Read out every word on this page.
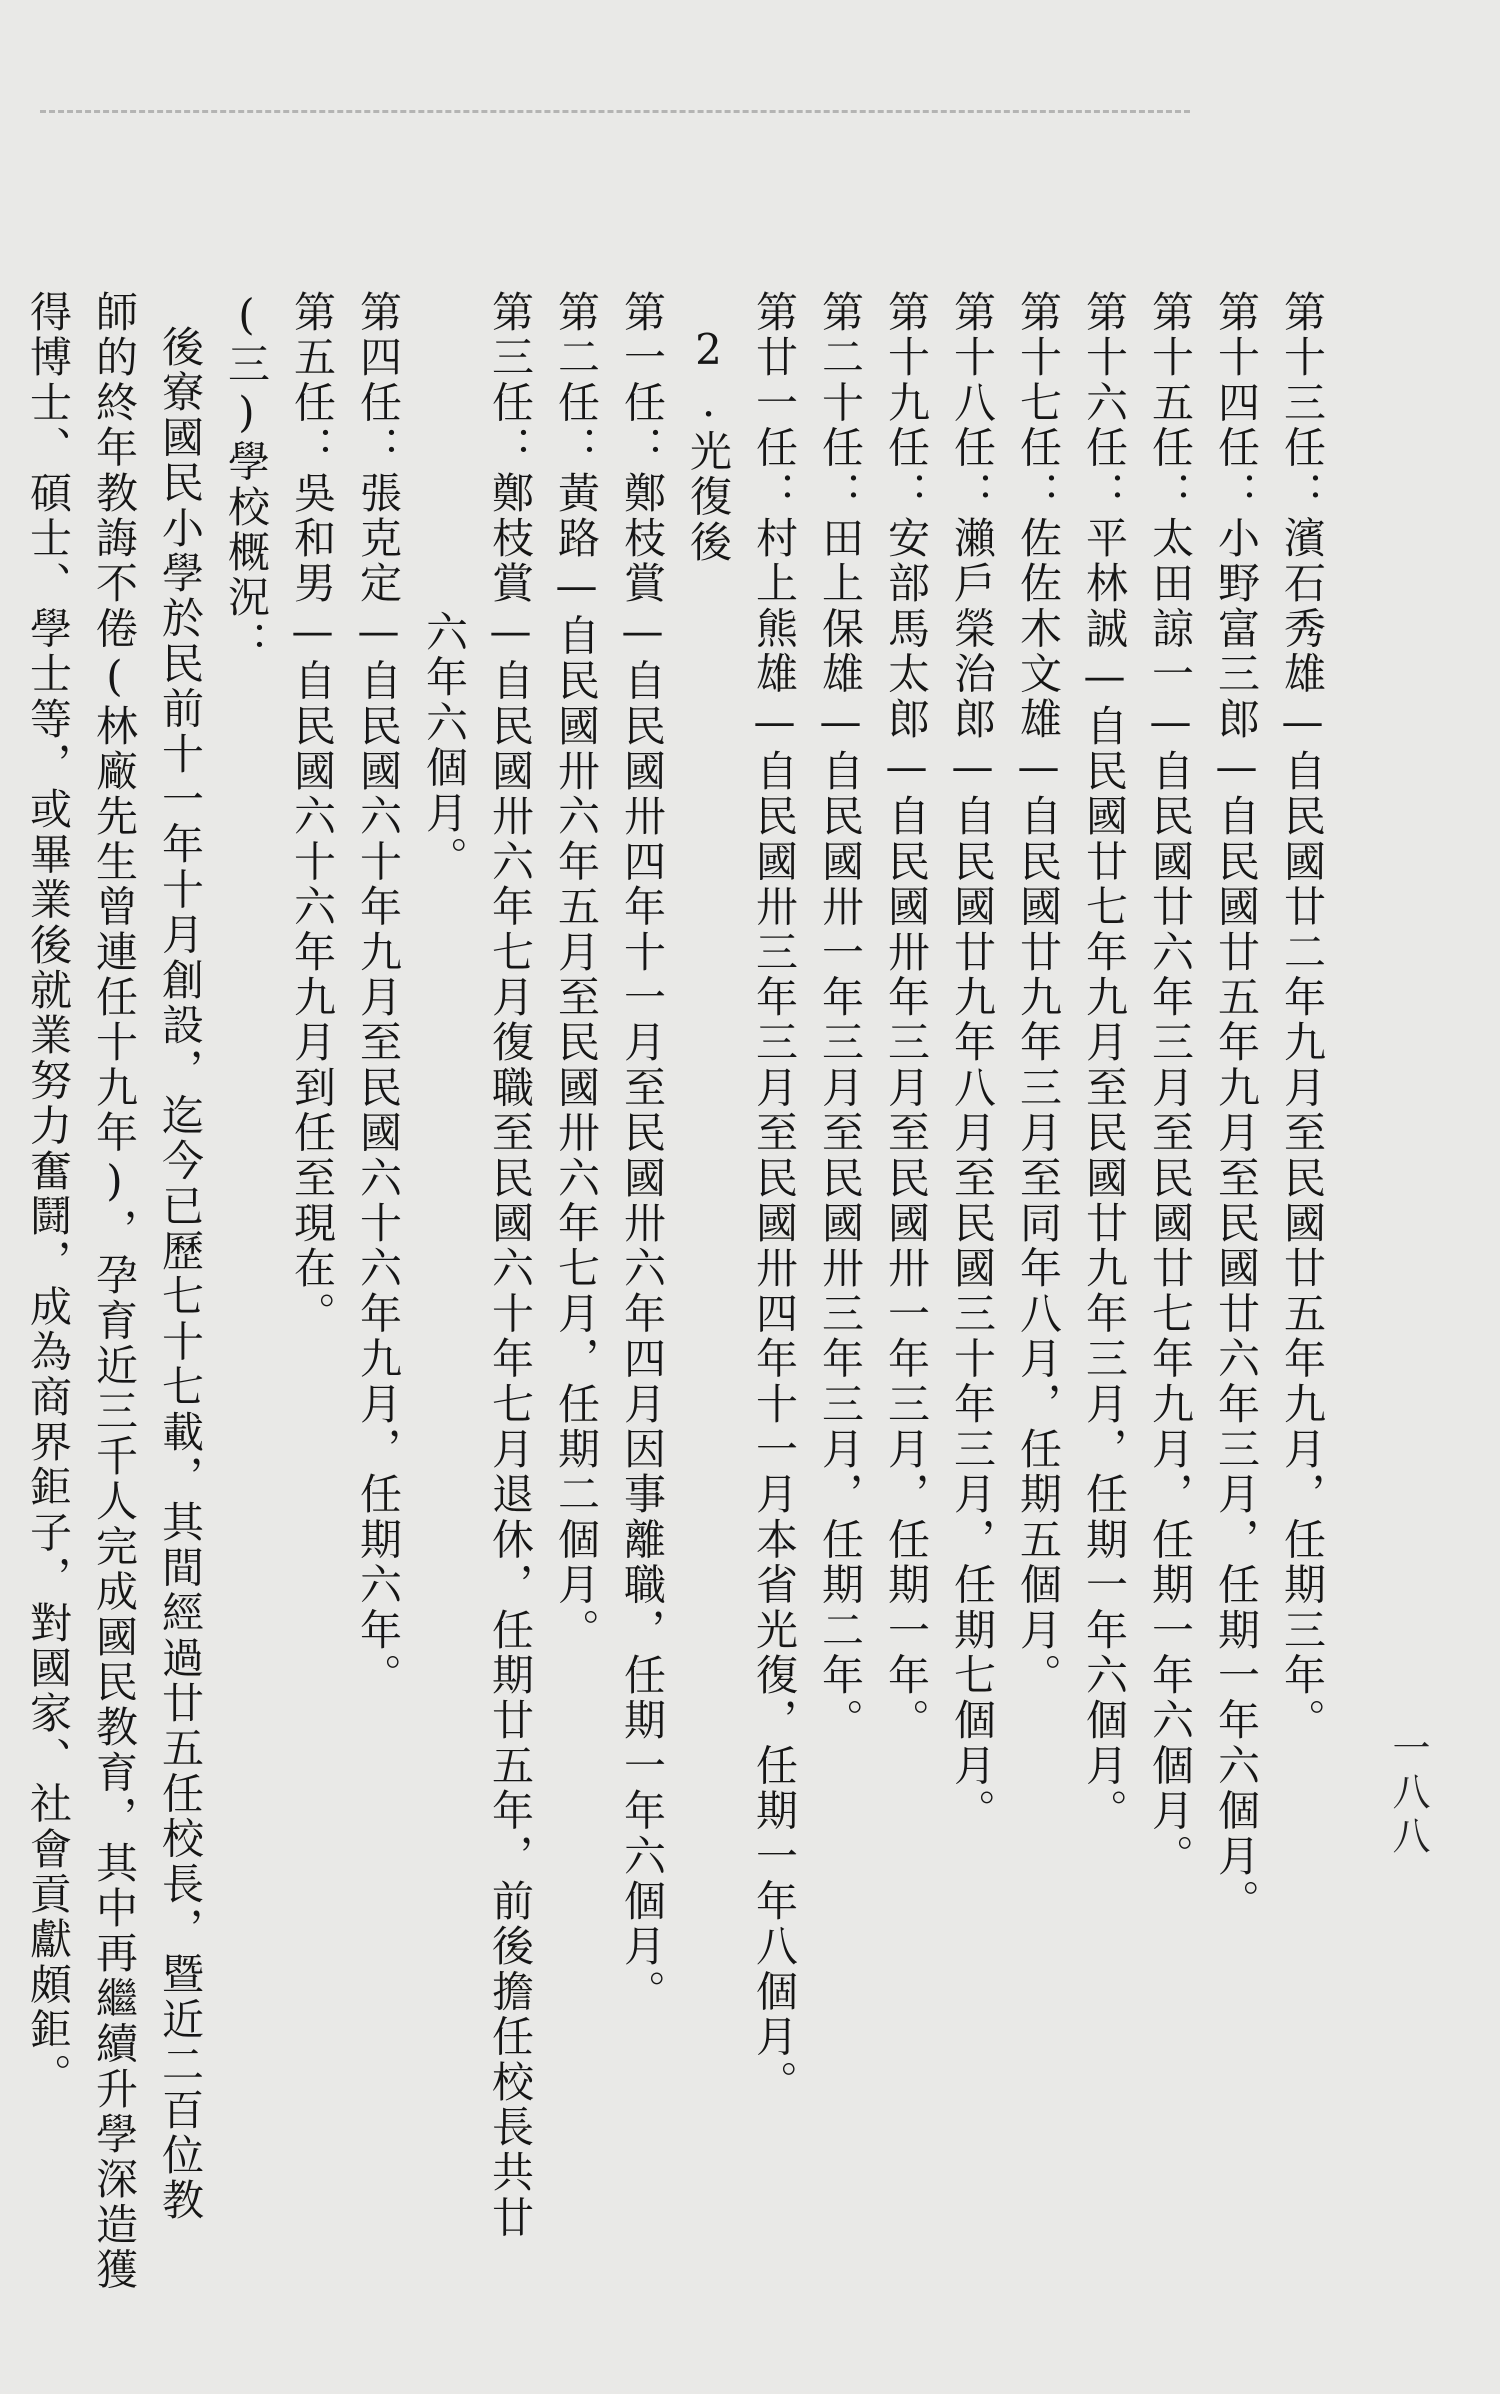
一八八
第十三任：濱石秀雄—自民國廿二年九月至民國廿五年九月，任期三年。
第十四任：小野富三郎—自民國廿五年九月至民國廿六年三月，任期一年六個月。
第十五任：太田諒一—自民國廿六年三月至民國廿七年九月，任期一年六個月。
第十六任：平林誠—自民國廿七年九月至民國廿九年三月，任期一年六個月。
第十七任：佐佐木文雄—自民國廿九年三月至同年八月，任期五個月。
第十八任：瀨戶榮治郎—自民國廿九年八月至民國三十年三月，任期七個月。
第十九任：安部馬太郎—自民國卅年三月至民國卅一年三月，任期一年。
第二十任：田上保雄—自民國卅一年三月至民國卅三年三月，任期二年。
第廿一任：村上熊雄—自民國卅三年三月至民國卅四年十一月本省光復，任期一年八個月。
2.光復後
第一任：鄭枝賞—自民國卅四年十一月至民國卅六年四月因事離職，任期一年六個月。
第二任：黃路—自民國卅六年五月至民國卅六年七月，任期二個月。
第三任：鄭枝賞—自民國卅六年七月復職至民國六十年七月退休，任期廿五年，前後擔任校長共廿
六年六個月。
第四任：張克定—自民國六十年九月至民國六十六年九月，任期六年。
第五任：吳和男—自民國六十六年九月到任至現在。
(三)學校概況：
後寮國民小學於民前十一年十月創設，迄今已歷七十七載，其間經過廿五任校長，暨近二百位教
師的終年教誨不倦(林廠先生曾連任十九年)，孕育近三千人完成國民教育，其中再繼續升學深造獲
得博士、碩士、學士等，或畢業後就業努力奮鬪，成為商界鉅子，對國家、社會貢獻頗鉅。
